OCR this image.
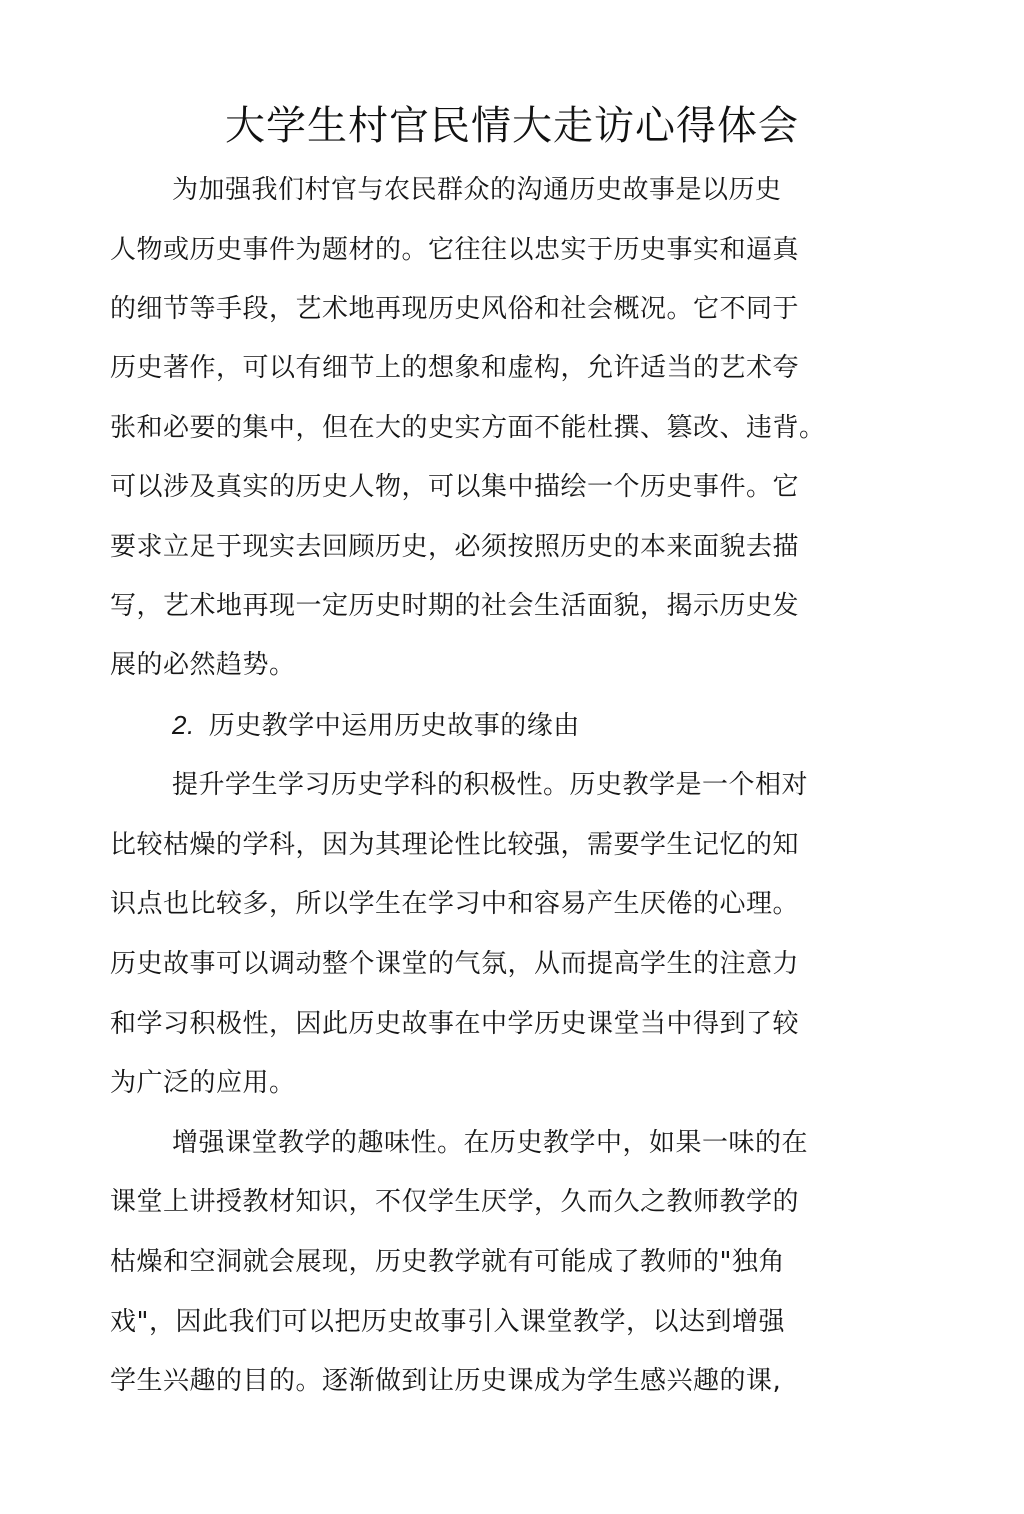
大学生村官民情大走访心得体会
为加强我们村官与农民群众的沟通历史故事是以历史
人物或历史事件为题材的。它往往以忠实于历史事实和逼真
的细节等手段，艺术地再现历史风俗和社会概况。它不同于
历史著作，可以有细节上的想象和虚构，允许适当的艺术夸
张和必要的集中，但在大的史实方面不能杜撰、篡改、违背。
可以涉及真实的历史人物，可以集中描绘一个历史事件。它
要求立足于现实去回顾历史，必须按照历史的本来面貌去描
写，艺术地再现一定历史时期的社会生活面貌，揭示历史发
展的必然趋势。
2. 历史教学中运用历史故事的缘由
提升学生学习历史学科的积极性。历史教学是一个相对
比较枯燥的学科，因为其理论性比较强，需要学生记忆的知
识点也比较多，所以学生在学习中和容易产生厌倦的心理。
历史故事可以调动整个课堂的气氛，从而提高学生的注意力
和学习积极性，因此历史故事在中学历史课堂当中得到了较
为广泛的应用。
增强课堂教学的趣味性。在历史教学中，如果一味的在
课堂上讲授教材知识，不仅学生厌学，久而久之教师教学的
枯燥和空洞就会展现，历史教学就有可能成了教师的"独角
戏"，因此我们可以把历史故事引入课堂教学，以达到增强
学生兴趣的目的。逐渐做到让历史课成为学生感兴趣的课,
